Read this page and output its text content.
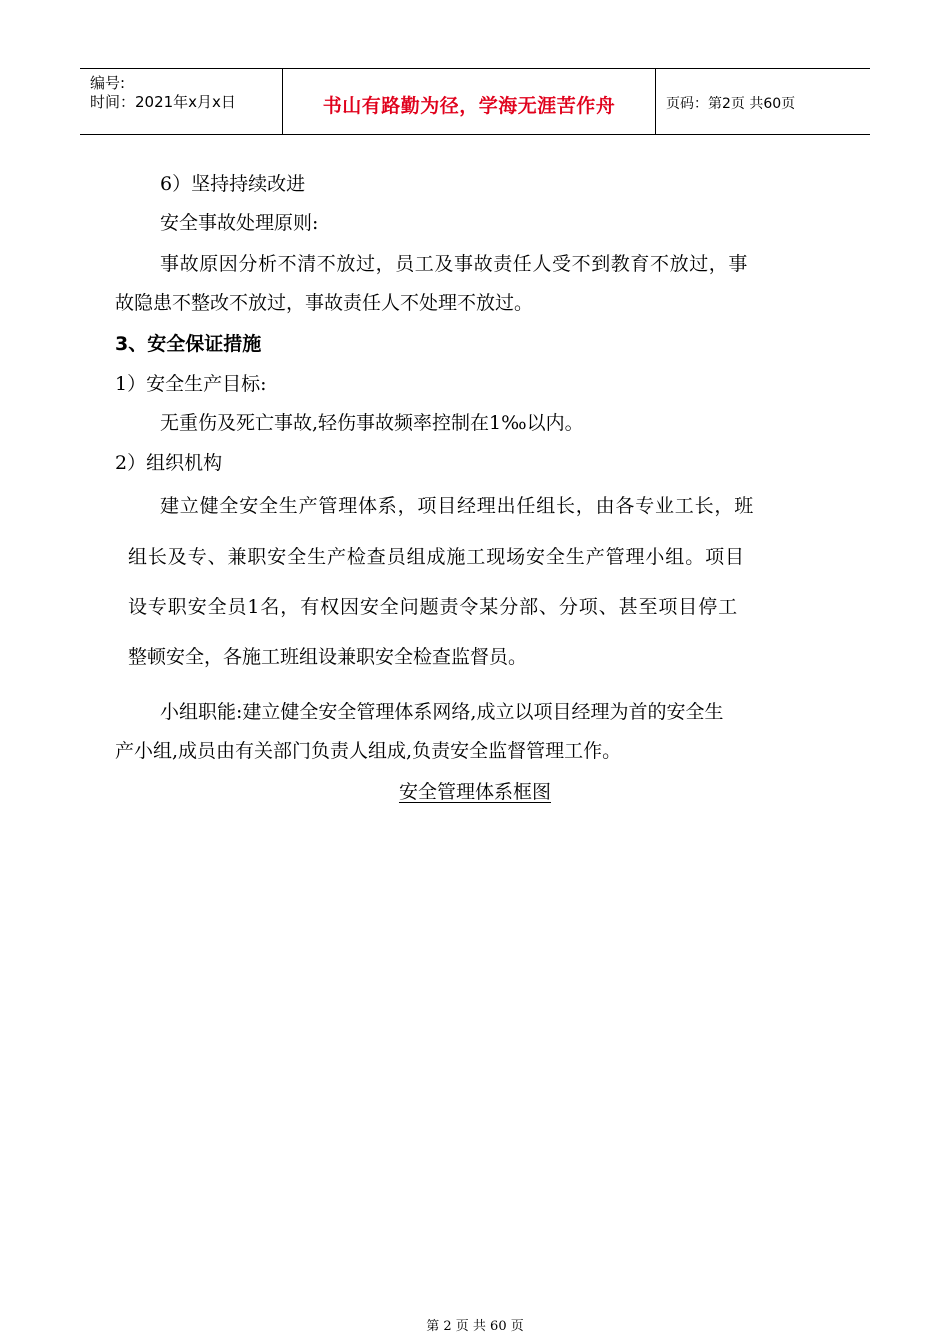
编号:
时间：2021年x月x日	书山有路勤为径，学海无涯苦作舟	页码：第2页 共60页
6）坚持持续改进
安全事故处理原则:
事故原因分析不清不放过，员工及事故责任人受不到教育不放过，事
故隐患不整改不放过，事故责任人不处理不放过。
3、安全保证措施
1）安全生产目标:
无重伤及死亡事故,轻伤事故频率控制在1‰以内。
2）组织机构
建立健全安全生产管理体系，项目经理出任组长，由各专业工长，班
组长及专、兼职安全生产检查员组成施工现场安全生产管理小组。项目
设专职安全员1名，有权因安全问题责令某分部、分项、甚至项目停工
整顿安全，各施工班组设兼职安全检查监督员。
小组职能:建立健全安全管理体系网络,成立以项目经理为首的安全生
产小组,成员由有关部门负责人组成,负责安全监督管理工作。
安全管理体系框图
第 2 页 共 60 页
